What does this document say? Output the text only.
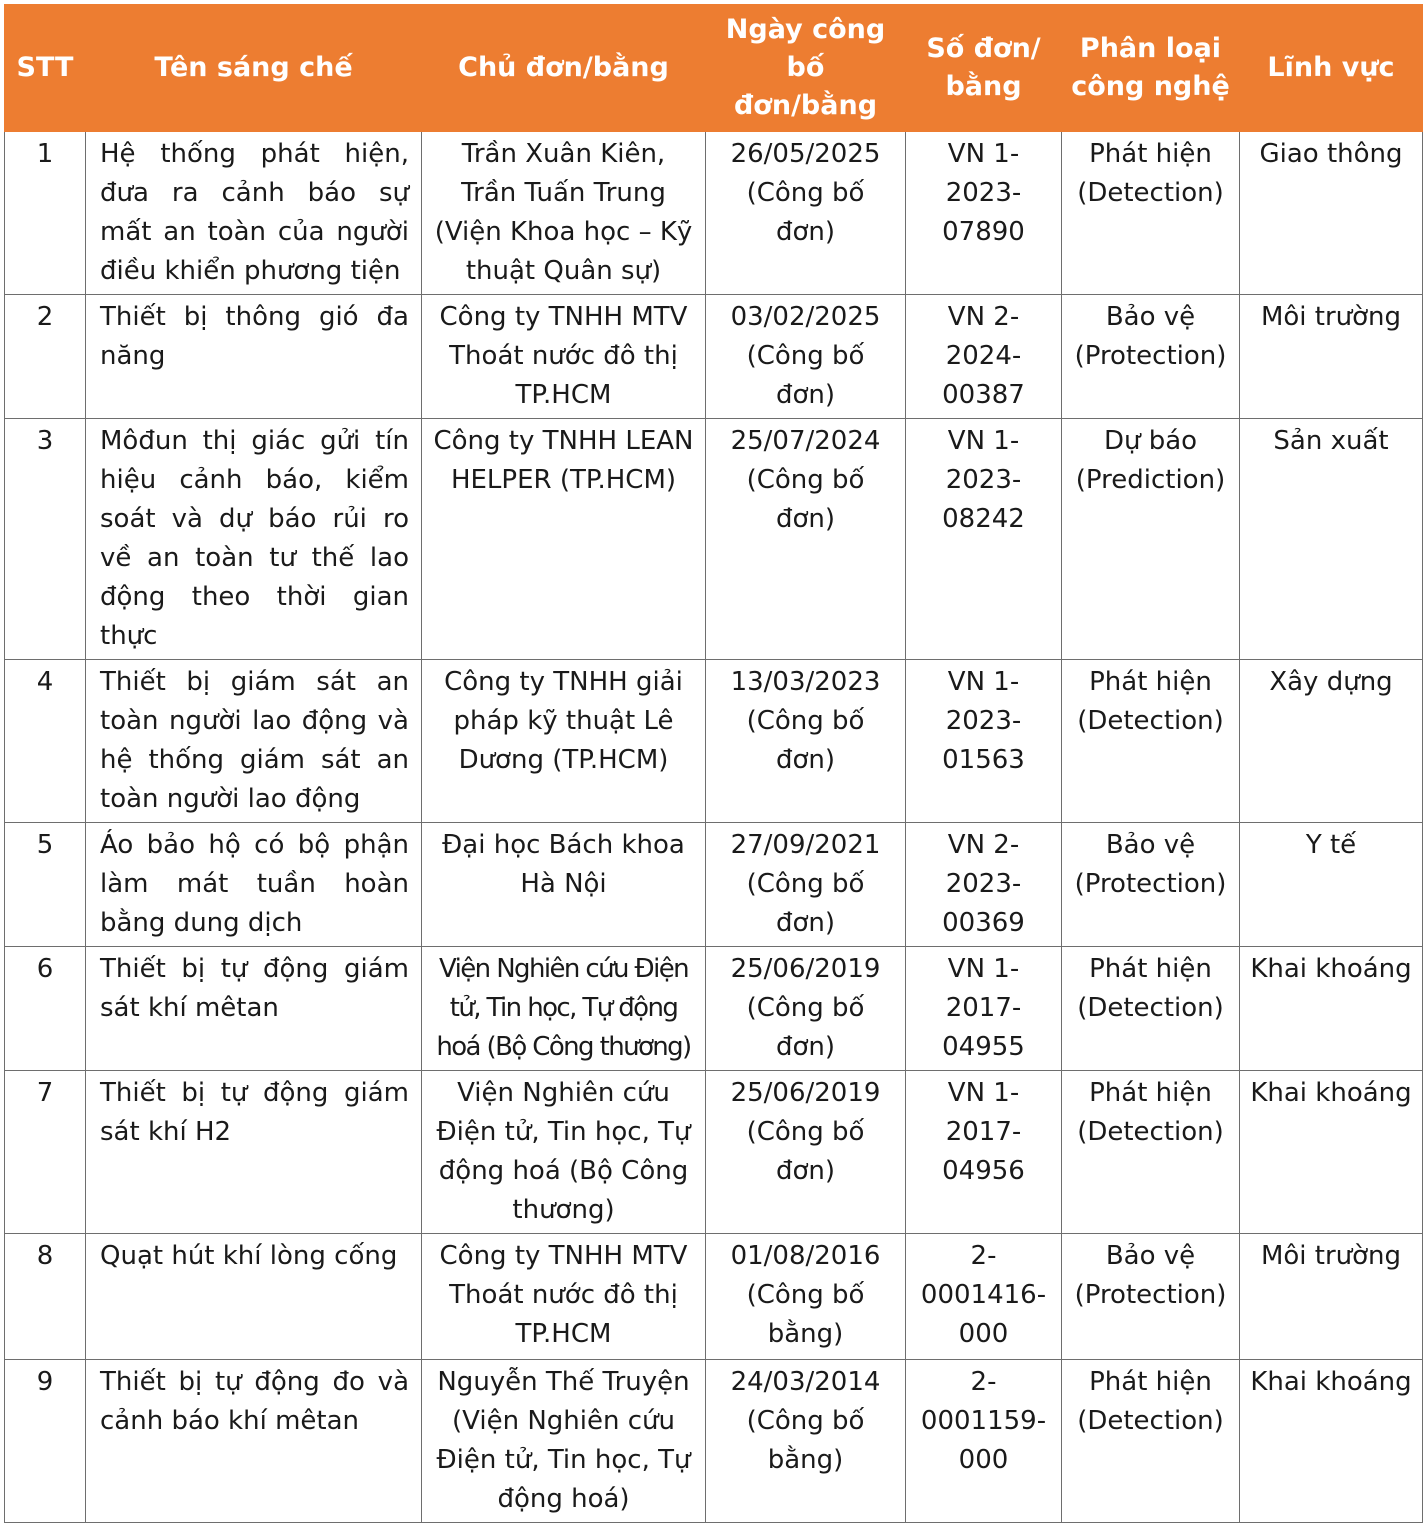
STT	Tên sáng chế	Chủ đơn/bằng	Ngày công bố đơn/bằng	Số đơn/ bằng	Phân loại công nghệ	Lĩnh vực
1	Hệ thống phát hiện, đưa ra cảnh báo sự mất an toàn của người điều khiển phương tiện	Trần Xuân Kiên, Trần Tuấn Trung (Viện Khoa học – Kỹ thuật Quân sự)	26/05/2025 (Công bố đơn)	VN 1-2023-07890	Phát hiện (Detection)	Giao thông
2	Thiết bị thông gió đa năng	Công ty TNHH MTV Thoát nước đô thị TP.HCM	03/02/2025 (Công bố đơn)	VN 2-2024-00387	Bảo vệ (Protection)	Môi trường
3	Môđun thị giác gửi tín hiệu cảnh báo, kiểm soát và dự báo rủi ro về an toàn tư thế lao động theo thời gian thực	Công ty TNHH LEAN HELPER (TP.HCM)	25/07/2024 (Công bố đơn)	VN 1-2023-08242	Dự báo (Prediction)	Sản xuất
4	Thiết bị giám sát an toàn người lao động và hệ thống giám sát an toàn người lao động	Công ty TNHH giải pháp kỹ thuật Lê Dương (TP.HCM)	13/03/2023 (Công bố đơn)	VN 1-2023-01563	Phát hiện (Detection)	Xây dựng
5	Áo bảo hộ có bộ phận làm mát tuần hoàn bằng dung dịch	Đại học Bách khoa Hà Nội	27/09/2021 (Công bố đơn)	VN 2-2023-00369	Bảo vệ (Protection)	Y tế
6	Thiết bị tự động giám sát khí mêtan	Viện Nghiên cứu Điện tử, Tin học, Tự động hoá (Bộ Công thương)	25/06/2019 (Công bố đơn)	VN 1-2017-04955	Phát hiện (Detection)	Khai khoáng
7	Thiết bị tự động giám sát khí H2	Viện Nghiên cứu Điện tử, Tin học, Tự động hoá (Bộ Công thương)	25/06/2019 (Công bố đơn)	VN 1-2017-04956	Phát hiện (Detection)	Khai khoáng
8	Quạt hút khí lòng cống	Công ty TNHH MTV Thoát nước đô thị TP.HCM	01/08/2016 (Công bố bằng)	2-0001416-000	Bảo vệ (Protection)	Môi trường
9	Thiết bị tự động đo và cảnh báo khí mêtan	Nguyễn Thế Truyện (Viện Nghiên cứu Điện tử, Tin học, Tự động hoá)	24/03/2014 (Công bố bằng)	2-0001159-000	Phát hiện (Detection)	Khai khoáng
